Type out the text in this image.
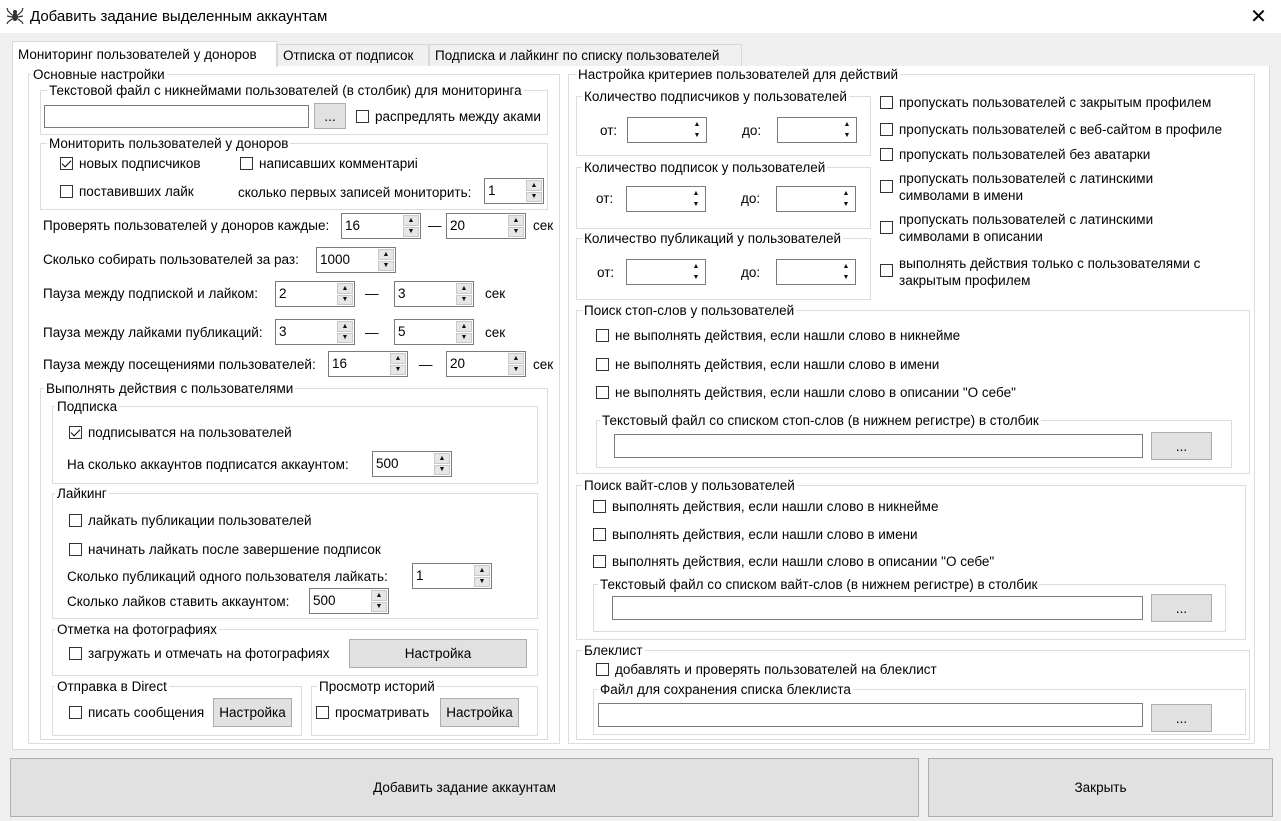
Добавить задание выделенным аккаунтам	✕
Мониторинг пользователей у доноров	Отписка от подписок	Подписка и лайкинг по списку пользователей
Основные настройки
Текстовой файл с никнеймами пользователей (в столбик) для мониторинга
...	распредлять между аками
Мониторить пользователей у доноров
новых подписчиков	написавших комментариі
поставивших лайк	сколько первых записей мониторить: 1	▲
▼
Проверять пользователей у доноров каждые: 16	▲
▼	— 20	▲
▼	сек
Сколько собирать пользователей за раз: 1000	▲
▼
Пауза между подпиской и лайком: 2	▲
▼	— 3	▲
▼	сек
Пауза между лайками публикаций: 3	▲
▼	— 5	▲
▼	сек
Пауза между посещениями пользователей: 16	▲
▼	— 20	▲
▼	сек
Выполнять действия с пользователями
Подписка
подписыватся на пользователей
На сколько аккаунтов подписатся аккаунтом: 500	▲
▼
Лайкинг
лайкать публикации пользователей
начинать лайкать после завершение подписок
Сколько публикаций одного пользователя лайкать: 1	▲
▼
Сколько лайков ставить аккаунтом: 500	▲
▼
Отметка на фотографиях
загружать и отмечать на фотографиях	Настройка
Отправка в Direct
писать сообщения	Настройка
Просмотр историй
просматривать	Настройка
Настройка критериев пользователей для действий
Количество подписчиков у пользователей
от:	▲
▼	до:	▲
▼
Количество подписок у пользователей
от:	▲
▼	до:	▲
▼
Количество публикаций у пользователей
от:	▲
▼	до:	▲
▼
пропускать пользователей с закрытым профилем
пропускать пользователей с веб-сайтом в профиле
пропускать пользователей без аватарки
пропускать пользователей с латинскими
символами в имени
пропускать пользователей с латинскими
символами в описании
выполнять действия только с пользователями с
закрытым профилем
Поиск стоп-слов у пользователей
не выполнять действия, если нашли слово в никнейме
не выполнять действия, если нашли слово в имени
не выполнять действия, если нашли слово в описании "О себе"
Текстовый файл со списком стоп-слов (в нижнем регистре) в столбик
...
Поиск вайт-слов у пользователей
выполнять действия, если нашли слово в никнейме
выполнять действия, если нашли слово в имени
выполнять действия, если нашли слово в описании "О себе"
Текстовый файл со списком вайт-слов (в нижнем регистре) в столбик
...
Блеклист
добавлять и проверять пользователей на блеклист
Файл для сохранения списка блеклиста
...
Добавить задание аккаунтам	Закрыть
